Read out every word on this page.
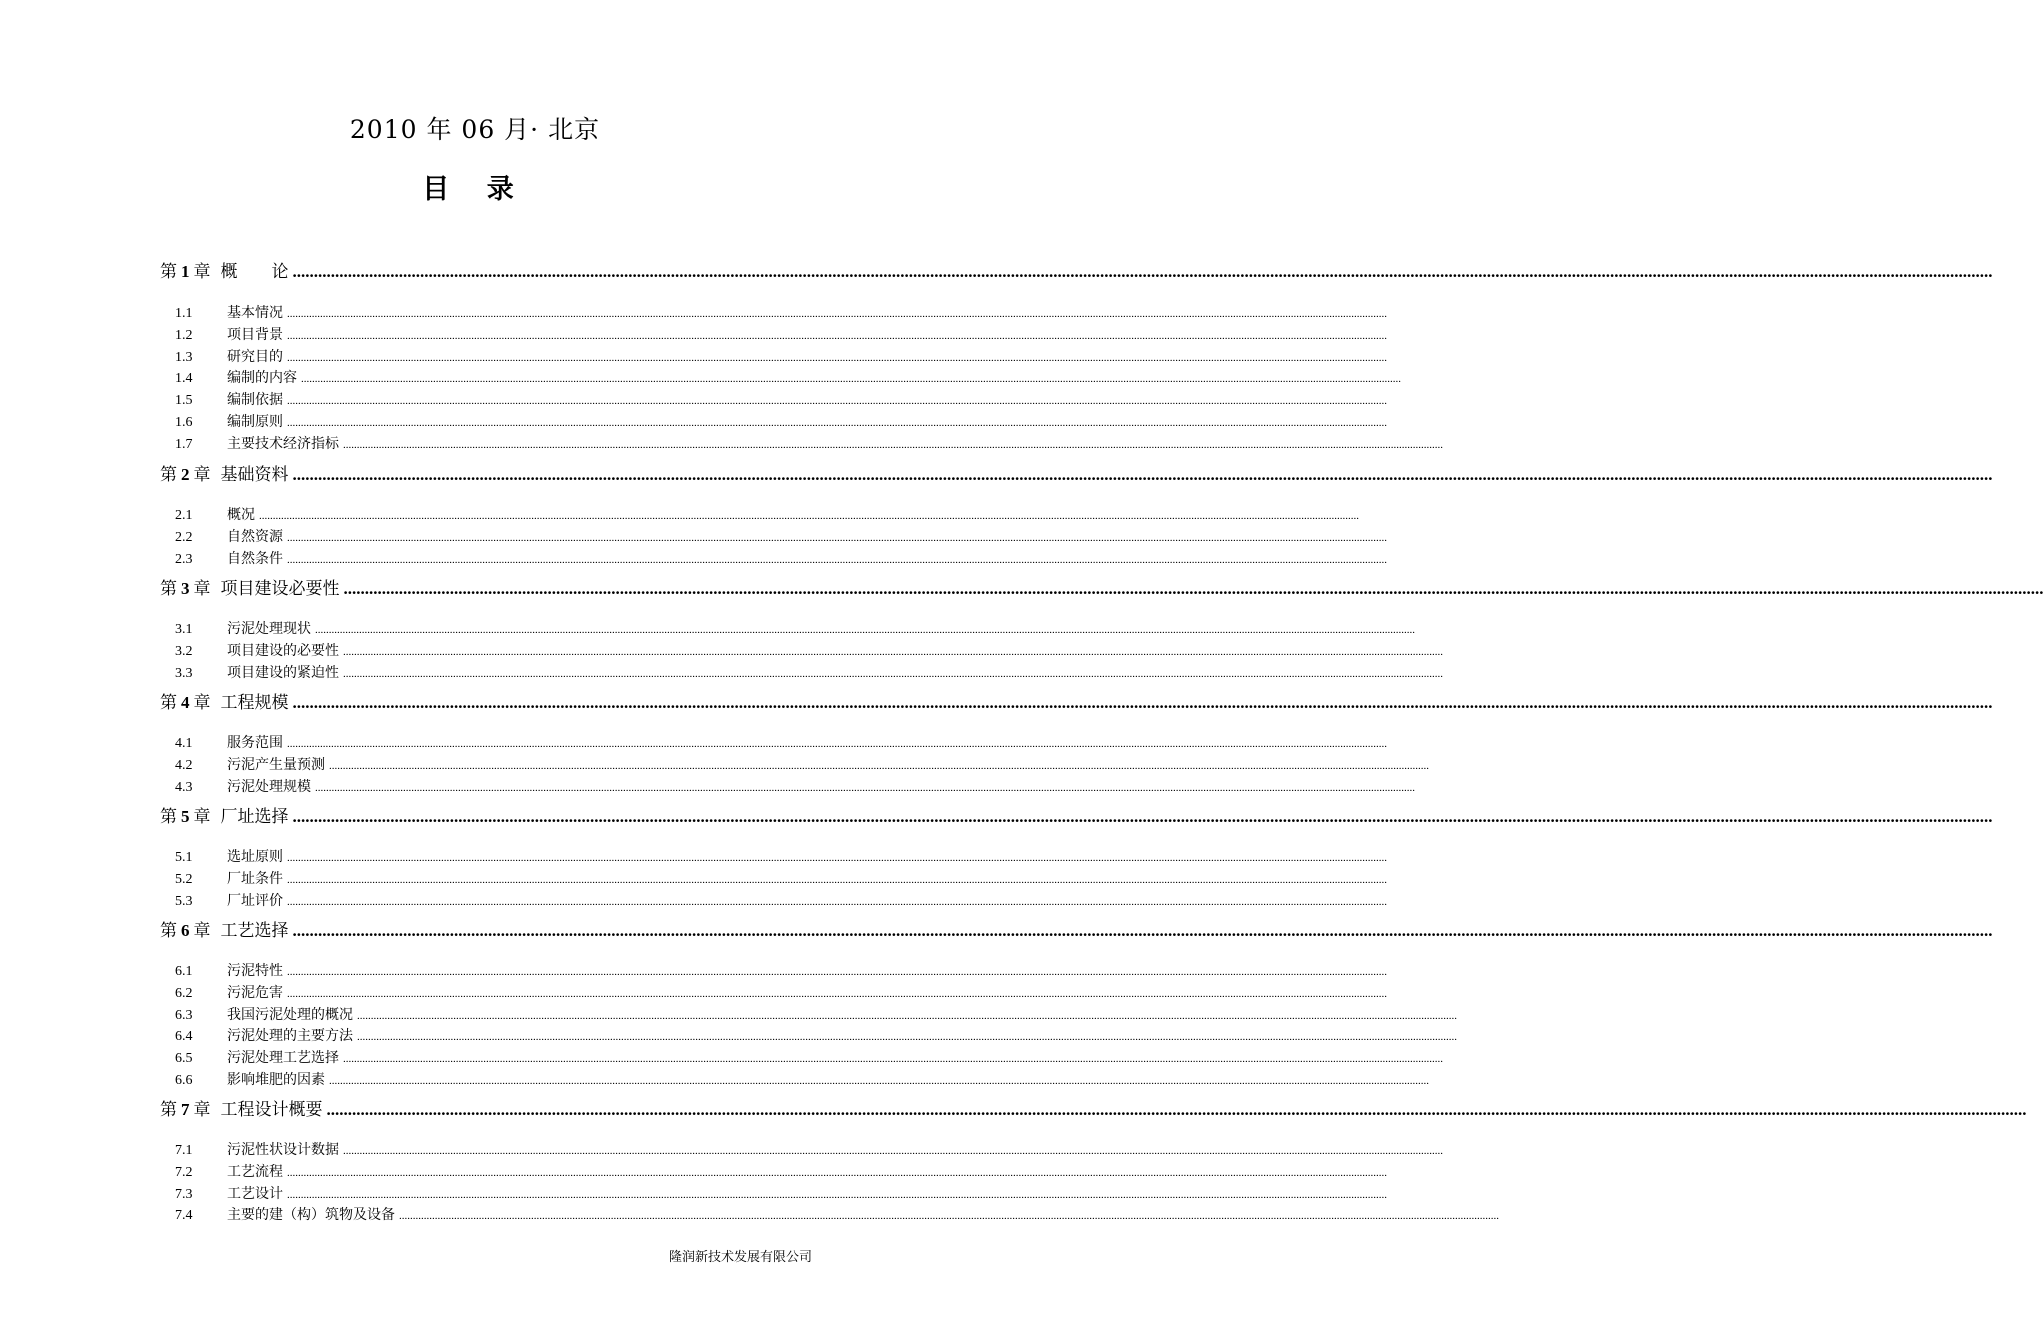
2010 年 06 月· 北京
目 录
第 1 章 概　　论 ................................................................................................................................................................................................................................................................................................................................................................................................................
1.1	基本情况 ................................................................................................................................................................................................................................................................................................................................................................................................................
1.2	项目背景 ................................................................................................................................................................................................................................................................................................................................................................................................................
1.3	研究目的 ................................................................................................................................................................................................................................................................................................................................................................................................................
1.4	编制的内容 ................................................................................................................................................................................................................................................................................................................................................................................................................
1.5	编制依据 ................................................................................................................................................................................................................................................................................................................................................................................................................
1.6	编制原则 ................................................................................................................................................................................................................................................................................................................................................................................................................
1.7	主要技术经济指标 ................................................................................................................................................................................................................................................................................................................................................................................................................
第 2 章 基础资料 ................................................................................................................................................................................................................................................................................................................................................................................................................
2.1	概况 ................................................................................................................................................................................................................................................................................................................................................................................................................
2.2	自然资源 ................................................................................................................................................................................................................................................................................................................................................................................................................
2.3	自然条件 ................................................................................................................................................................................................................................................................................................................................................................................................................
第 3 章 项目建设必要性 ................................................................................................................................................................................................................................................................................................................................................................................................................
3.1	污泥处理现状 ................................................................................................................................................................................................................................................................................................................................................................................................................
3.2	项目建设的必要性 ................................................................................................................................................................................................................................................................................................................................................................................................................
3.3	项目建设的紧迫性 ................................................................................................................................................................................................................................................................................................................................................................................................................
第 4 章 工程规模 ................................................................................................................................................................................................................................................................................................................................................................................................................
4.1	服务范围 ................................................................................................................................................................................................................................................................................................................................................................................................................
4.2	污泥产生量预测 ................................................................................................................................................................................................................................................................................................................................................................................................................
4.3	污泥处理规模 ................................................................................................................................................................................................................................................................................................................................................................................................................
第 5 章 厂址选择 ................................................................................................................................................................................................................................................................................................................................................................................................................
5.1	选址原则 ................................................................................................................................................................................................................................................................................................................................................................................................................
5.2	厂址条件 ................................................................................................................................................................................................................................................................................................................................................................................................................
5.3	厂址评价 ................................................................................................................................................................................................................................................................................................................................................................................................................
第 6 章 工艺选择 ................................................................................................................................................................................................................................................................................................................................................................................................................
6.1	污泥特性 ................................................................................................................................................................................................................................................................................................................................................................................................................
6.2	污泥危害 ................................................................................................................................................................................................................................................................................................................................................................................................................
6.3	我国污泥处理的概况 ................................................................................................................................................................................................................................................................................................................................................................................................................
6.4	污泥处理的主要方法 ................................................................................................................................................................................................................................................................................................................................................................................................................
6.5	污泥处理工艺选择 ................................................................................................................................................................................................................................................................................................................................................................................................................
6.6	影响堆肥的因素 ................................................................................................................................................................................................................................................................................................................................................................................................................
第 7 章 工程设计概要 ................................................................................................................................................................................................................................................................................................................................................................................................................
7.1	污泥性状设计数据 ................................................................................................................................................................................................................................................................................................................................................................................................................
7.2	工艺流程 ................................................................................................................................................................................................................................................................................................................................................................................................................
7.3	工艺设计 ................................................................................................................................................................................................................................................................................................................................................................................................................
7.4	主要的建（构）筑物及设备 ................................................................................................................................................................................................................................................................................................................................................................................................................
隆润新技术发展有限公司
